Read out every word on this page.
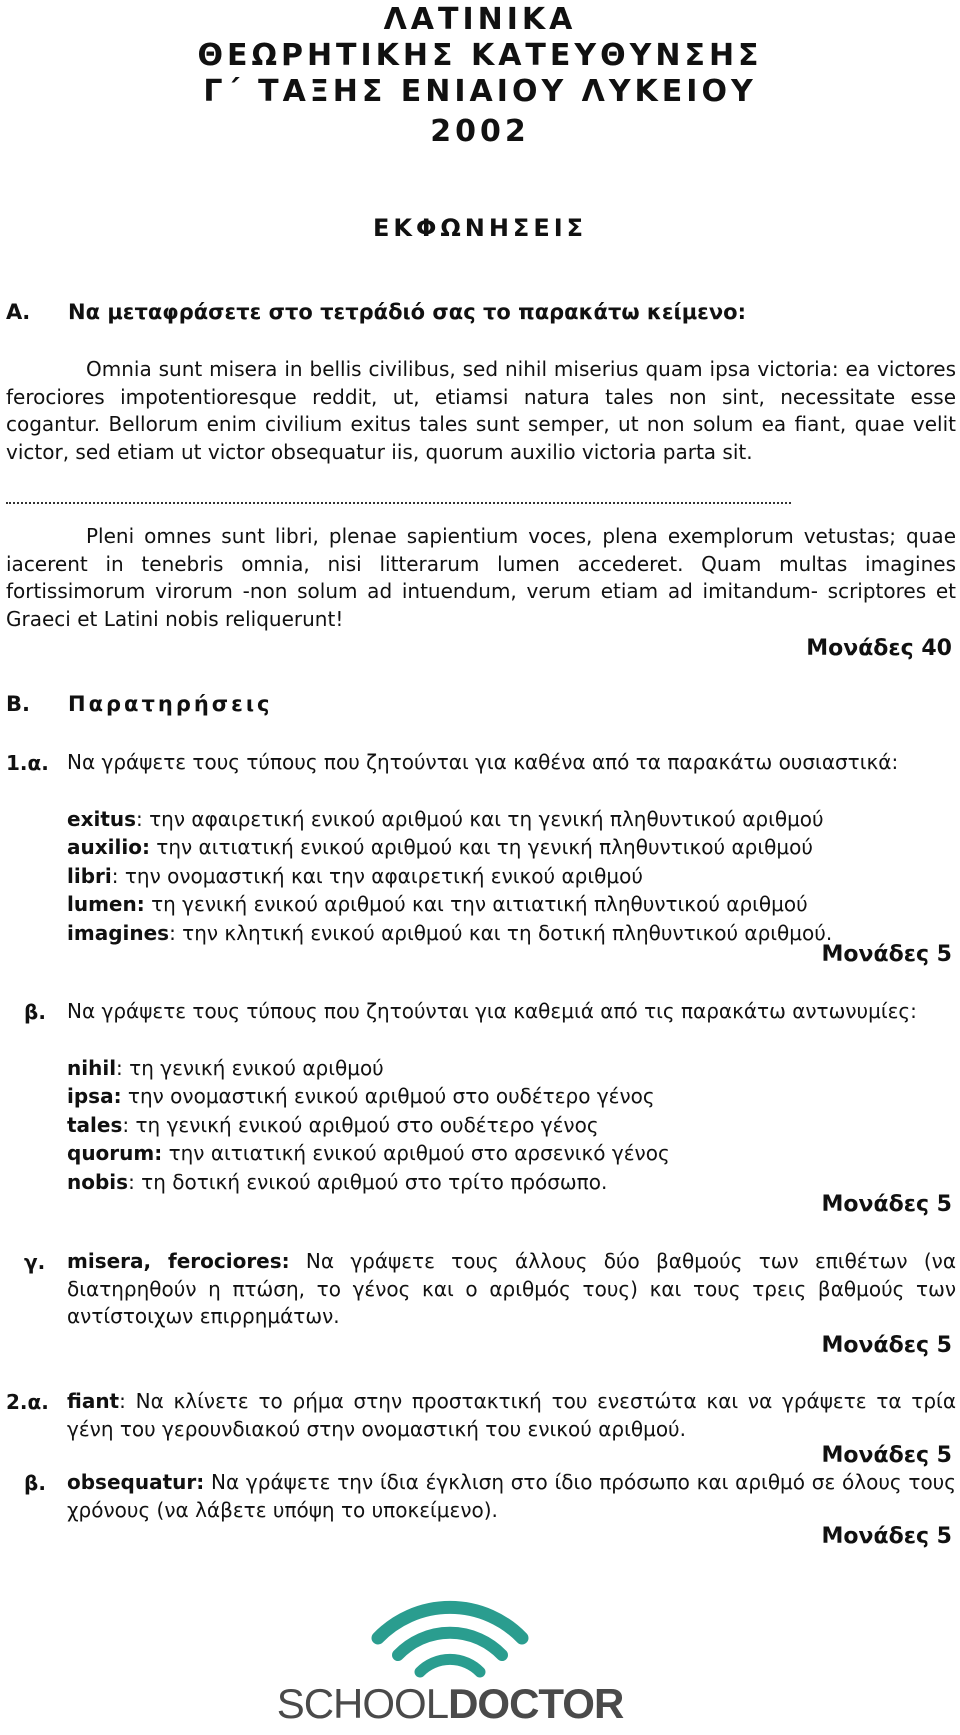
ΛΑΤΙΝΙΚΑ
ΘΕΩΡΗΤΙΚΗΣ ΚΑΤΕΥΘΥΝΣΗΣ
Γ΄ ΤΑΞΗΣ ΕΝΙΑΙΟΥ ΛΥΚΕΙΟΥ
2002
ΕΚΦΩΝΗΣΕΙΣ
Α. Να μεταφράσετε στο τετράδιό σας το παρακάτω κείμενο:

Omnia sunt misera in bellis civilibus, sed nihil miserius quam ipsa victoria: ea victores ferociores impotentioresque reddit, ut, etiamsi natura tales non sint, necessitate esse cogantur. Bellorum enim civilium exitus tales sunt semper, ut non solum ea fiant, quae velit victor, sed etiam ut victor obsequatur iis, quorum auxilio victoria parta sit.

Pleni omnes sunt libri, plenae sapientium voces, plena exemplorum vetustas; quae iacerent in tenebris omnia, nisi litterarum lumen accederet. Quam multas imagines fortissimorum virorum -non solum ad intuendum, verum etiam ad imitandum- scriptores et Graeci et Latini nobis reliquerunt!

Μονάδες 40
Β. Παρατηρήσεις
1.α. Να γράψετε τους τύπους που ζητούνται για καθένα από τα παρακάτω ουσιαστικά:

exitus: την αφαιρετική ενικού αριθμού και τη γενική πληθυντικού αριθμού
auxilio: την αιτιατική ενικού αριθμού και τη γενική πληθυντικού αριθμού
libri: την ονομαστική και την αφαιρετική ενικού αριθμού
lumen: τη γενική ενικού αριθμού και την αιτιατική πληθυντικού αριθμού
imagines: την κλητική ενικού αριθμού και τη δοτική πληθυντικού αριθμού.
Μονάδες 5
β. Να γράψετε τους τύπους που ζητούνται για καθεμιά από τις παρακάτω αντωνυμίες:

nihil: τη γενική ενικού αριθμού
ipsa: την ονομαστική ενικού αριθμού στο ουδέτερο γένος
tales: τη γενική ενικού αριθμού στο ουδέτερο γένος
quorum: την αιτιατική ενικού αριθμού στο αρσενικό γένος
nobis: τη δοτική ενικού αριθμού στο τρίτο πρόσωπο.
Μονάδες 5
γ. misera, ferociores: Να γράψετε τους άλλους δύο βαθμούς των επιθέτων (να διατηρηθούν η πτώση, το γένος και ο αριθμός τους) και τους τρεις βαθμούς των αντίστοιχων επιρρημάτων.

Μονάδες 5
2.α. fiant: Να κλίνετε το ρήμα στην προστακτική του ενεστώτα και να γράψετε τα τρία γένη του γερουνδιακού στην ονομαστική του ενικού αριθμού.

Μονάδες 5
β. obsequatur: Να γράψετε την ίδια έγκλιση στο ίδιο πρόσωπο και αριθμό σε όλους τους χρόνους (να λάβετε υπόψη το υποκείμενο).

Μονάδες 5
SCHOOLDOCTOR
